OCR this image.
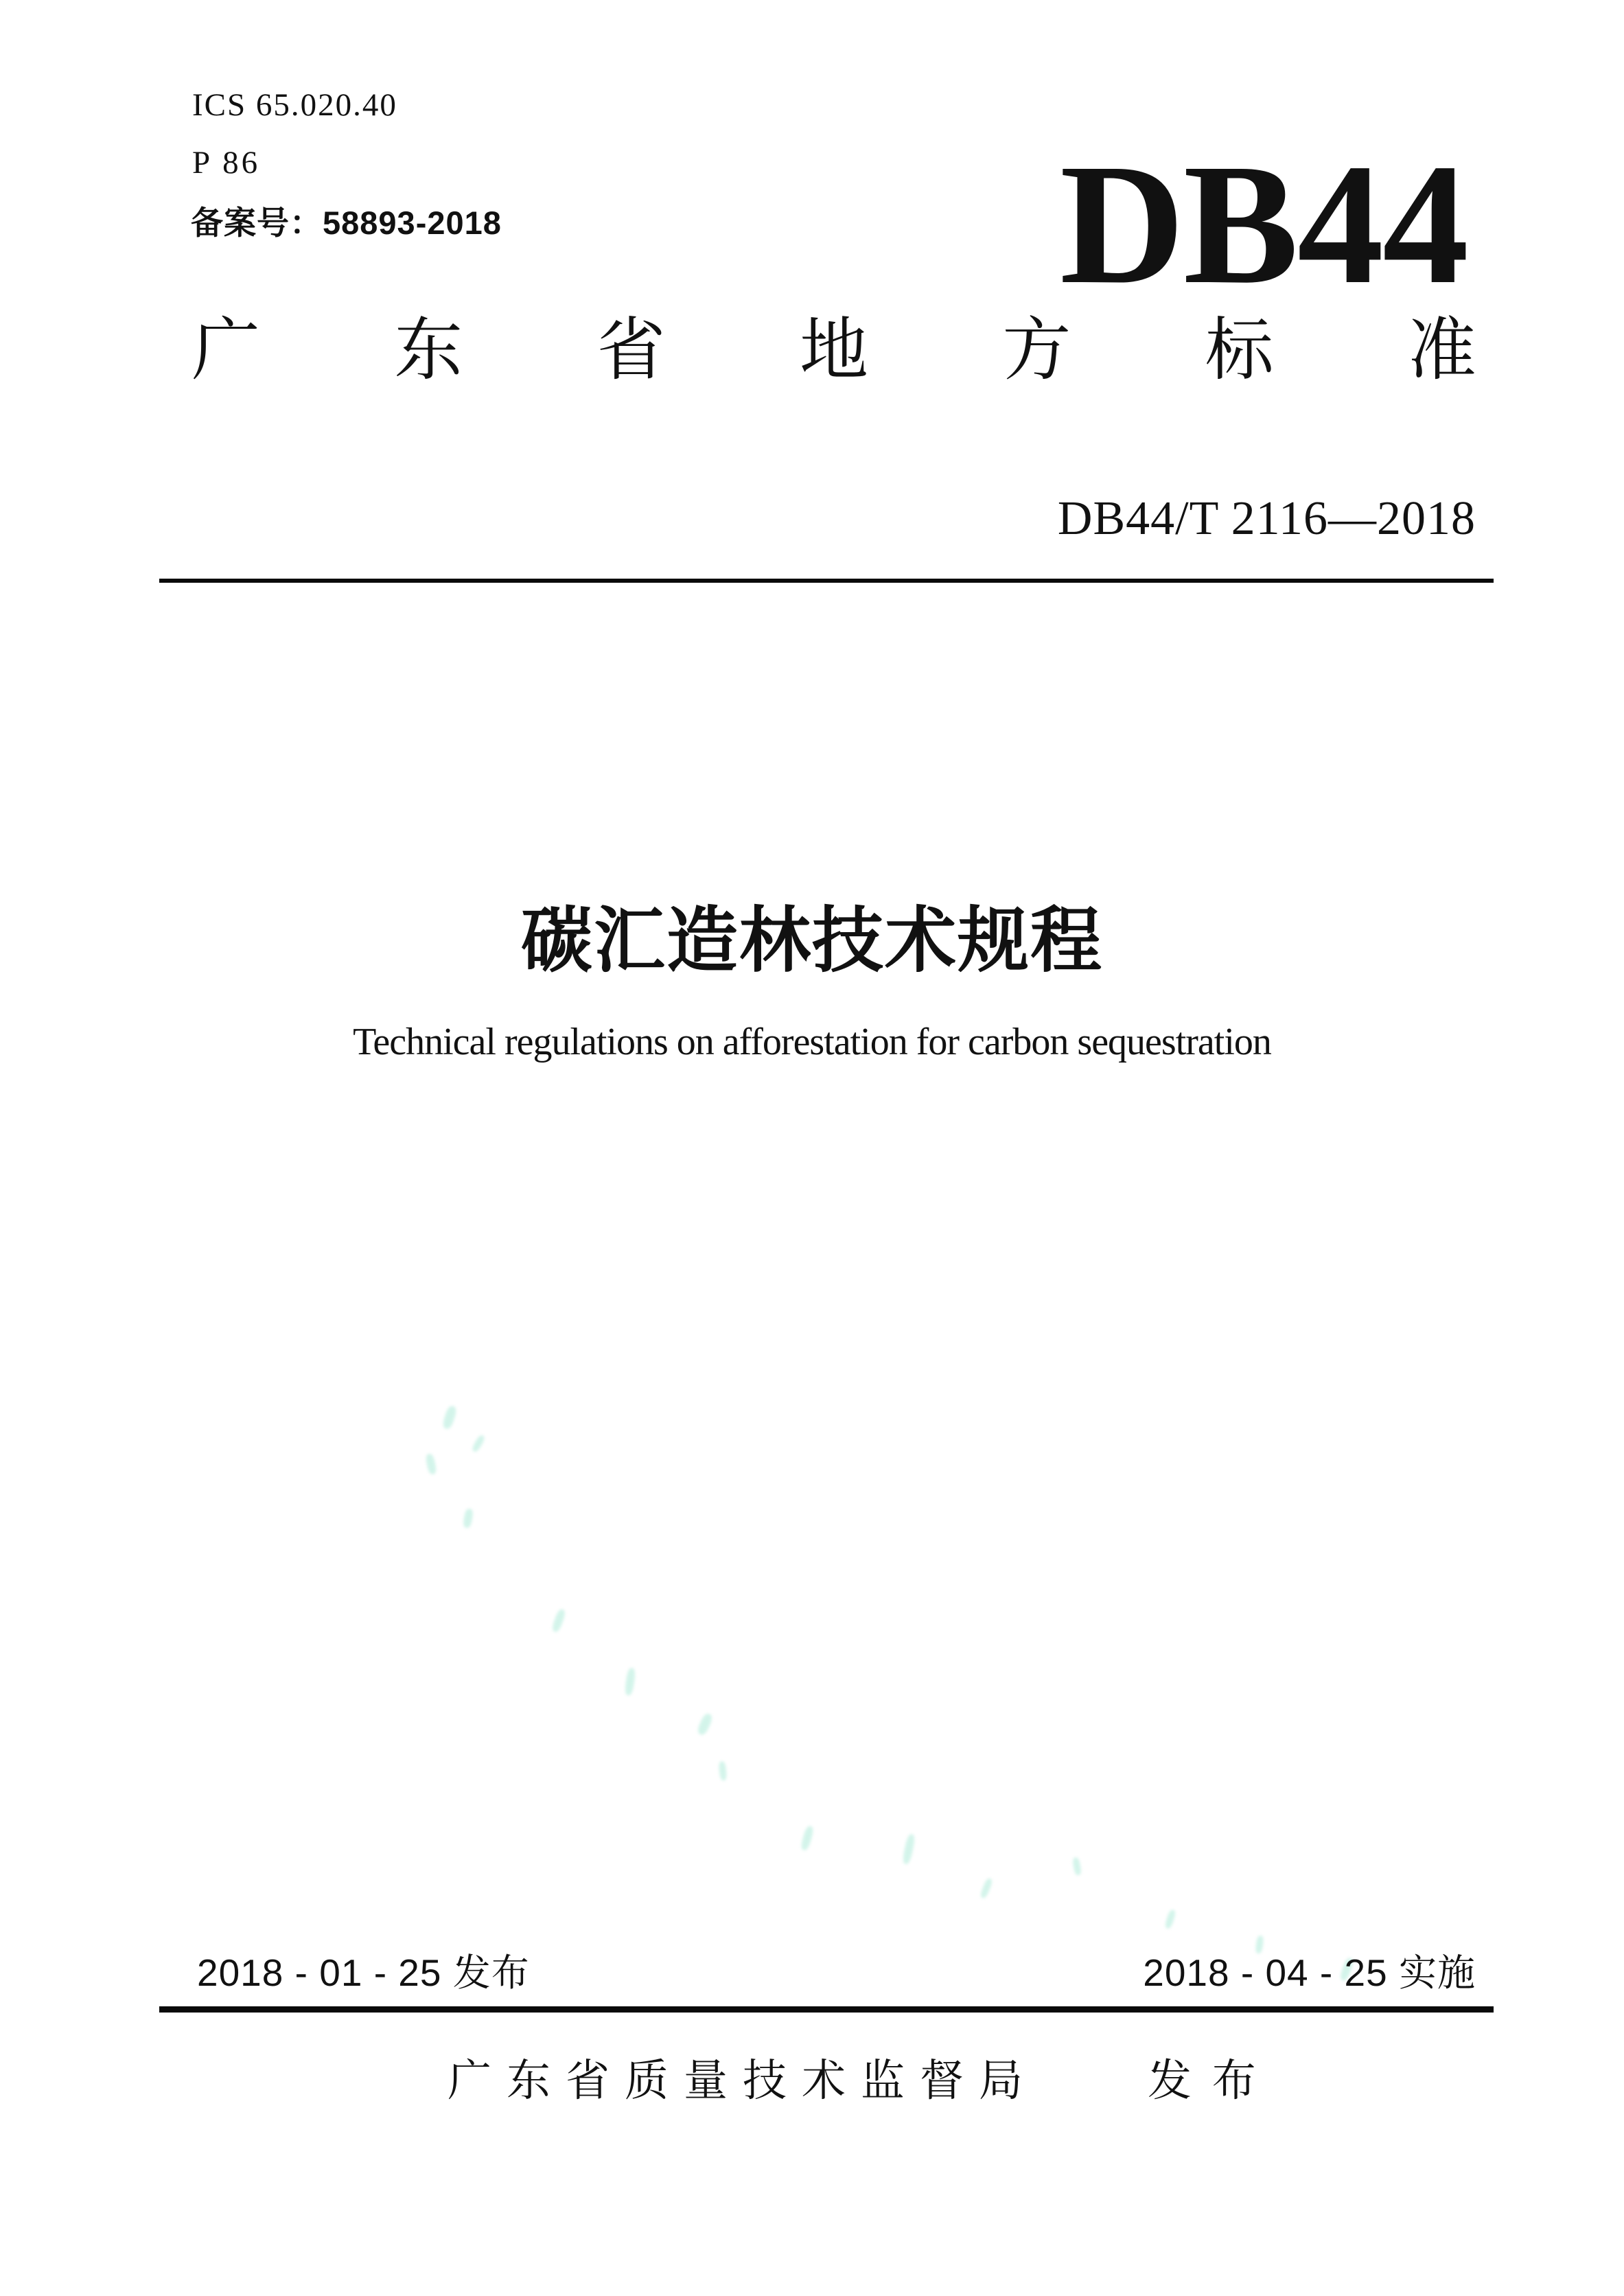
ICS 65.020.40
P 86
备案号：58893-2018	DB44
广 东 省 地 方 标 准
DB44/T 2116—2018
碳汇造林技术规程
Technical regulations on afforestation for carbon sequestration
2018 - 01 - 25 发布	2018 - 04 - 25 实施
广东省质量技术监督局	发 布
